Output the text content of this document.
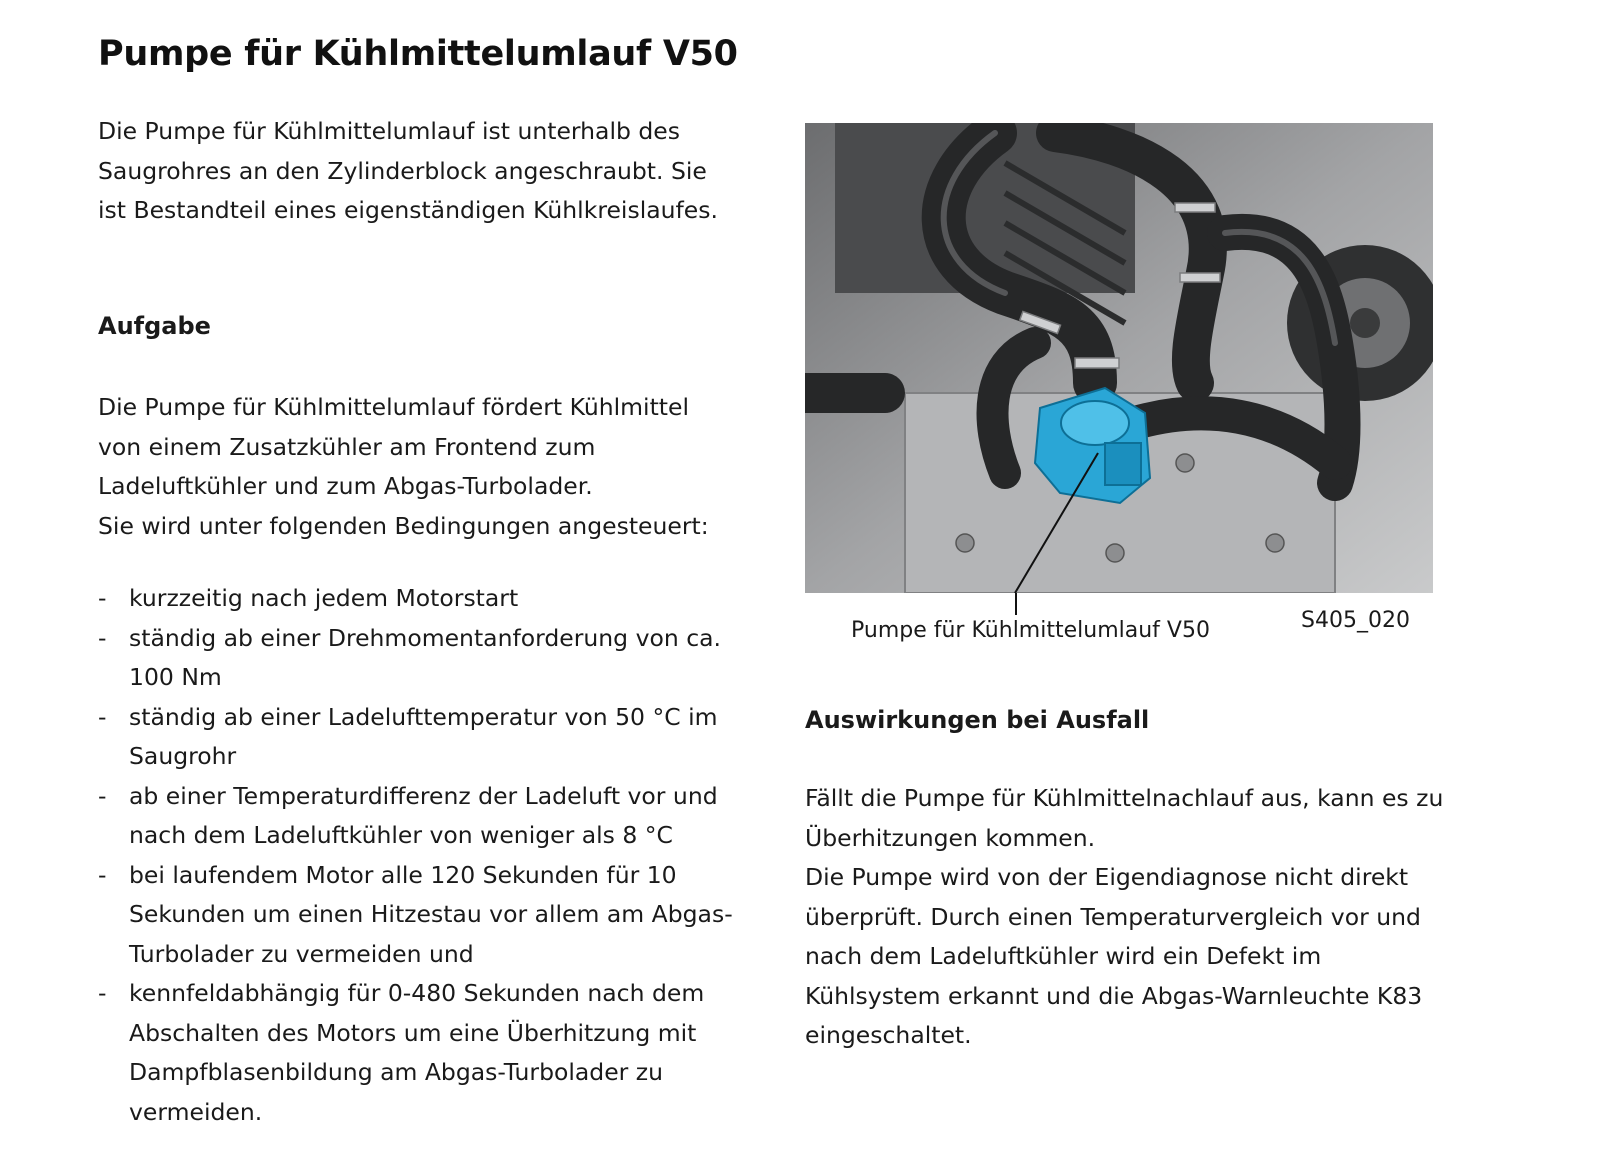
Pumpe für Kühlmittelumlauf V50

Die Pumpe für Kühlmittelumlauf ist unterhalb des Saugrohres an den Zylinderblock angeschraubt. Sie ist Bestandteil eines eigenständigen Kühlkreislaufes.

Aufgabe

Die Pumpe für Kühlmittelumlauf fördert Kühlmittel von einem Zusatzkühler am Frontend zum Ladeluftkühler und zum Abgas-Turbolader.

Sie wird unter folgenden Bedingungen angesteuert:

- kurzzeitig nach jedem Motorstart
- ständig ab einer Drehmomentanforderung von ca. 100 Nm
- ständig ab einer Ladelufttemperatur von 50 °C im Saugrohr
- ab einer Temperaturdifferenz der Ladeluft vor und nach dem Ladeluftkühler von weniger als 8 °C
- bei laufendem Motor alle 120 Sekunden für 10 Sekunden um einen Hitzestau vor allem am Abgas-Turbolader zu vermeiden und
- kennfeldabhängig für 0-480 Sekunden nach dem Abschalten des Motors um eine Überhitzung mit Dampfblasenbildung am Abgas-Turbolader zu vermeiden.

Pumpe für Kühlmittelumlauf V50	S405_020

Auswirkungen bei Ausfall

Fällt die Pumpe für Kühlmittelnachlauf aus, kann es zu Überhitzungen kommen.

Die Pumpe wird von der Eigendiagnose nicht direkt überprüft. Durch einen Temperaturvergleich vor und nach dem Ladeluftkühler wird ein Defekt im Kühlsystem erkannt und die Abgas-Warnleuchte K83 eingeschaltet.
